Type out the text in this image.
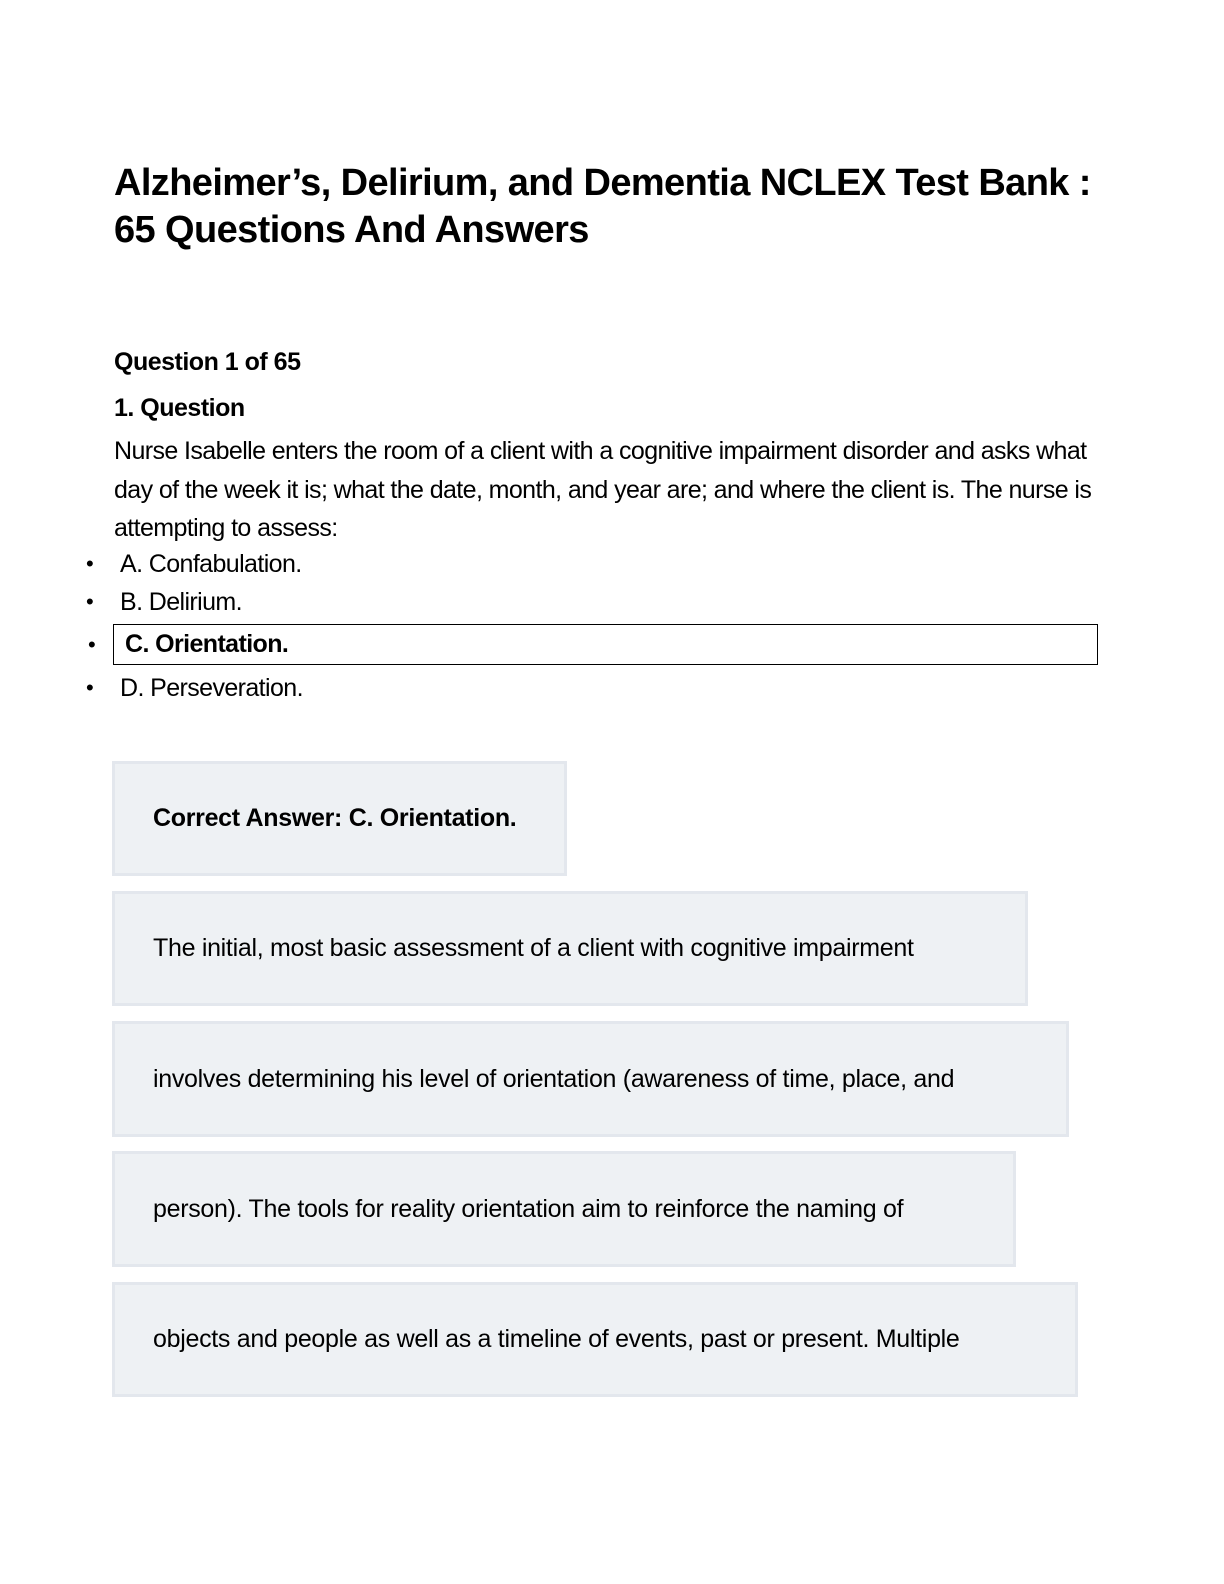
Alzheimer’s, Delirium, and Dementia NCLEX Test Bank : 65 Questions And Answers
Question 1 of 65
1. Question
Nurse Isabelle enters the room of a client with a cognitive impairment disorder and asks what day of the week it is; what the date, month, and year are; and where the client is. The nurse is attempting to assess:
• A. Confabulation.
• B. Delirium.
• C. Orientation.
• D. Perseveration.
Correct Answer: C. Orientation.
The initial, most basic assessment of a client with cognitive impairment
involves determining his level of orientation (awareness of time, place, and
person). The tools for reality orientation aim to reinforce the naming of
objects and people as well as a timeline of events, past or present. Multiple
